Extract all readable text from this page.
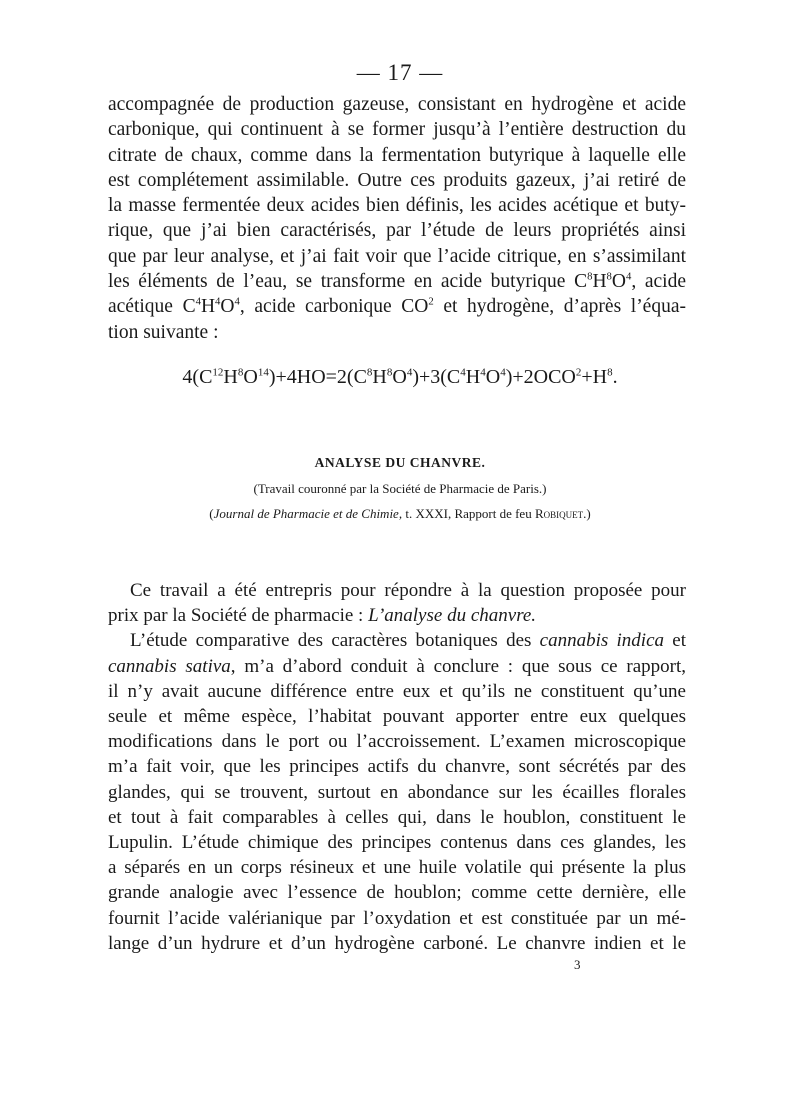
— 17 —
accompagnée de production gazeuse, consistant en hydrogène et acide
carbonique, qui continuent à se former jusqu’à l’entière destruction du
citrate de chaux, comme dans la fermentation butyrique à laquelle elle
est complétement assimilable. Outre ces produits gazeux, j’ai retiré de
la masse fermentée deux acides bien définis, les acides acétique et buty-
rique, que j’ai bien caractérisés, par l’étude de leurs propriétés ainsi
que par leur analyse, et j’ai fait voir que l’acide citrique, en s’assimilant
les éléments de l’eau, se transforme en acide butyrique $C^8H^8O^4$, acide
acétique $C^4H^4O^4$, acide carbonique $CO^2$ et hydrogène, d’après l’équa-
tion suivante :
$4(C^{12}H^8O^{14})+4HO=2(C^8H^8O^4)+3(C^4H^4O^4)+2OCO^2+H^8$.
ANALYSE DU CHANVRE.
(Travail couronné par la Société de Pharmacie de Paris.)
(Journal de Pharmacie et de Chimie, t. XXXI, Rapport de feu Robiquet.)
Ce travail a été entrepris pour répondre à la question proposée pour
prix par la Société de pharmacie : L’analyse du chanvre.
L’étude comparative des caractères botaniques des cannabis indica et
cannabis sativa, m’a d’abord conduit à conclure : que sous ce rapport,
il n’y avait aucune différence entre eux et qu’ils ne constituent qu’une
seule et même espèce, l’habitat pouvant apporter entre eux quelques
modifications dans le port ou l’accroissement. L’examen microscopique
m’a fait voir, que les principes actifs du chanvre, sont sécrétés par des
glandes, qui se trouvent, surtout en abondance sur les écailles florales
et tout à fait comparables à celles qui, dans le houblon, constituent le
Lupulin. L’étude chimique des principes contenus dans ces glandes, les
a séparés en un corps résineux et une huile volatile qui présente la plus
grande analogie avec l’essence de houblon; comme cette dernière, elle
fournit l’acide valérianique par l’oxydation et est constituée par un mé-
lange d’un hydrure et d’un hydrogène carboné. Le chanvre indien et le
3
